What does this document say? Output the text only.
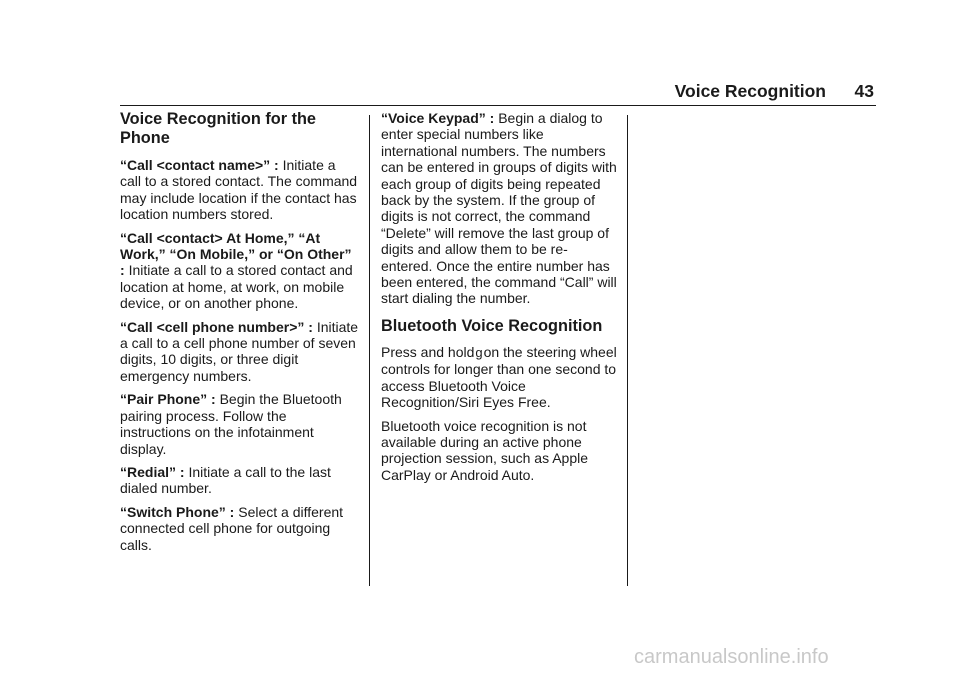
Voice Recognition 43
Voice Recognition for the Phone

“Call <contact name>” : Initiate a call to a stored contact. The command may include location if the contact has location numbers stored.

“Call <contact> At Home,” “At Work,” “On Mobile,” or “On Other” : Initiate a call to a stored contact and location at home, at work, on mobile device, or on another phone.

“Call <cell phone number>” : Initiate a call to a cell phone number of seven digits, 10 digits, or three digit emergency numbers.

“Pair Phone” : Begin the Bluetooth pairing process. Follow the instructions on the infotainment display.

“Redial” : Initiate a call to the last dialed number.

“Switch Phone” : Select a different connected cell phone for outgoing calls.

“Voice Keypad” : Begin a dialog to enter special numbers like international numbers. The numbers can be entered in groups of digits with each group of digits being repeated back by the system. If the group of digits is not correct, the command “Delete” will remove the last group of digits and allow them to be re-entered. Once the entire number has been entered, the command “Call” will start dialing the number.

Bluetooth Voice Recognition

Press and holdgon the steering wheel controls for longer than one second to access Bluetooth Voice Recognition/Siri Eyes Free.

Bluetooth voice recognition is not available during an active phone projection session, such as Apple CarPlay or Android Auto.

carmanualsonline.info
